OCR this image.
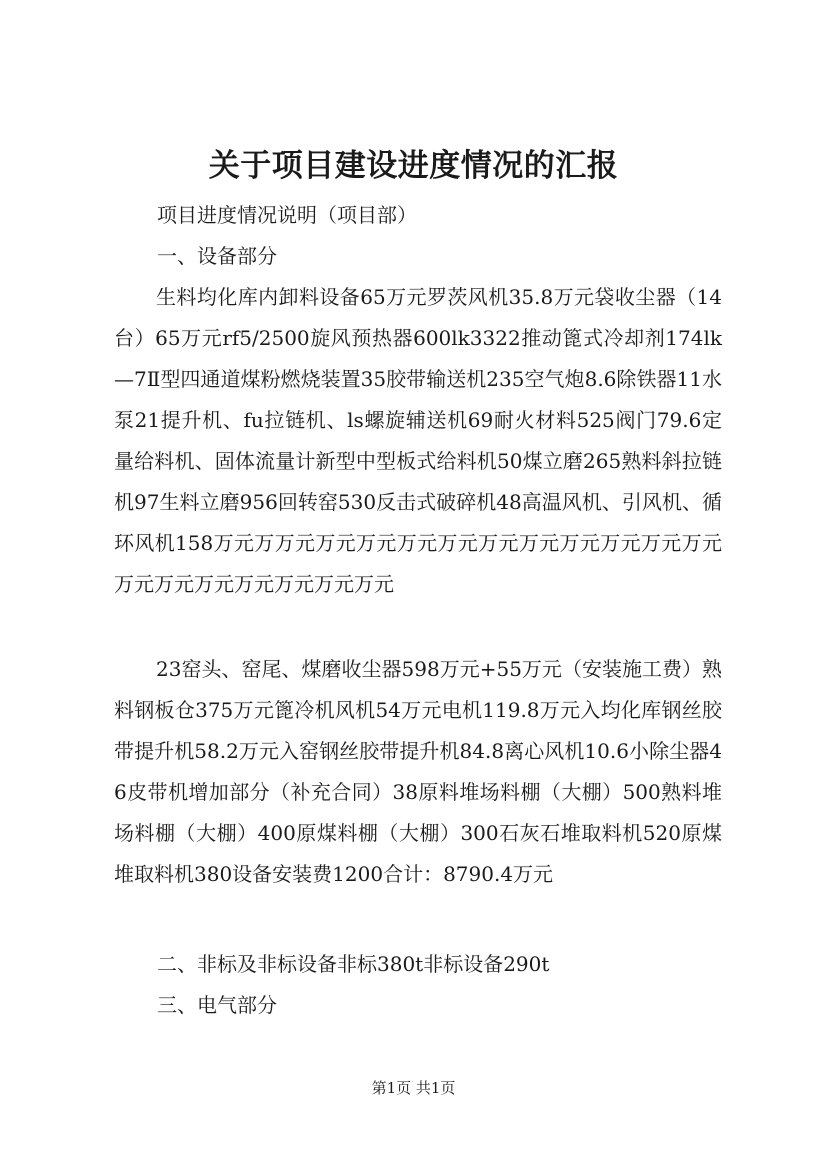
关于项目建设进度情况的汇报

项目进度情况说明（项目部）

一、设备部分

生料均化库内卸料设备65万元罗茨风机35.8万元袋收尘器（14台）65万元rf5/2500旋风预热器600lk3322推动篦式冷却剂174lk—7Ⅱ型四通道煤粉燃烧装置35胶带输送机235空气炮8.6除铁器11水泵21提升机、fu拉链机、ls螺旋辅送机69耐火材料525阀门79.6定量给料机、固体流量计新型中型板式给料机50煤立磨265熟料斜拉链机97生料立磨956回转窑530反击式破碎机48高温风机、引风机、循环风机158万元万万元万元万元万元万元万元万元万元万元万元万元万元万元万元万元万元万元万元

23窑头、窑尾、煤磨收尘器598万元+55万元（安装施工费）熟料钢板仓375万元篦冷机风机54万元电机119.8万元入均化库钢丝胶带提升机58.2万元入窑钢丝胶带提升机84.8离心风机10.6小除尘器46皮带机增加部分（补充合同）38原料堆场料棚（大棚）500熟料堆场料棚（大棚）400原煤料棚（大棚）300石灰石堆取料机520原煤堆取料机380设备安装费1200合计：8790.4万元

二、非标及非标设备非标380t非标设备290t

三、电气部分

第1页 共1页
